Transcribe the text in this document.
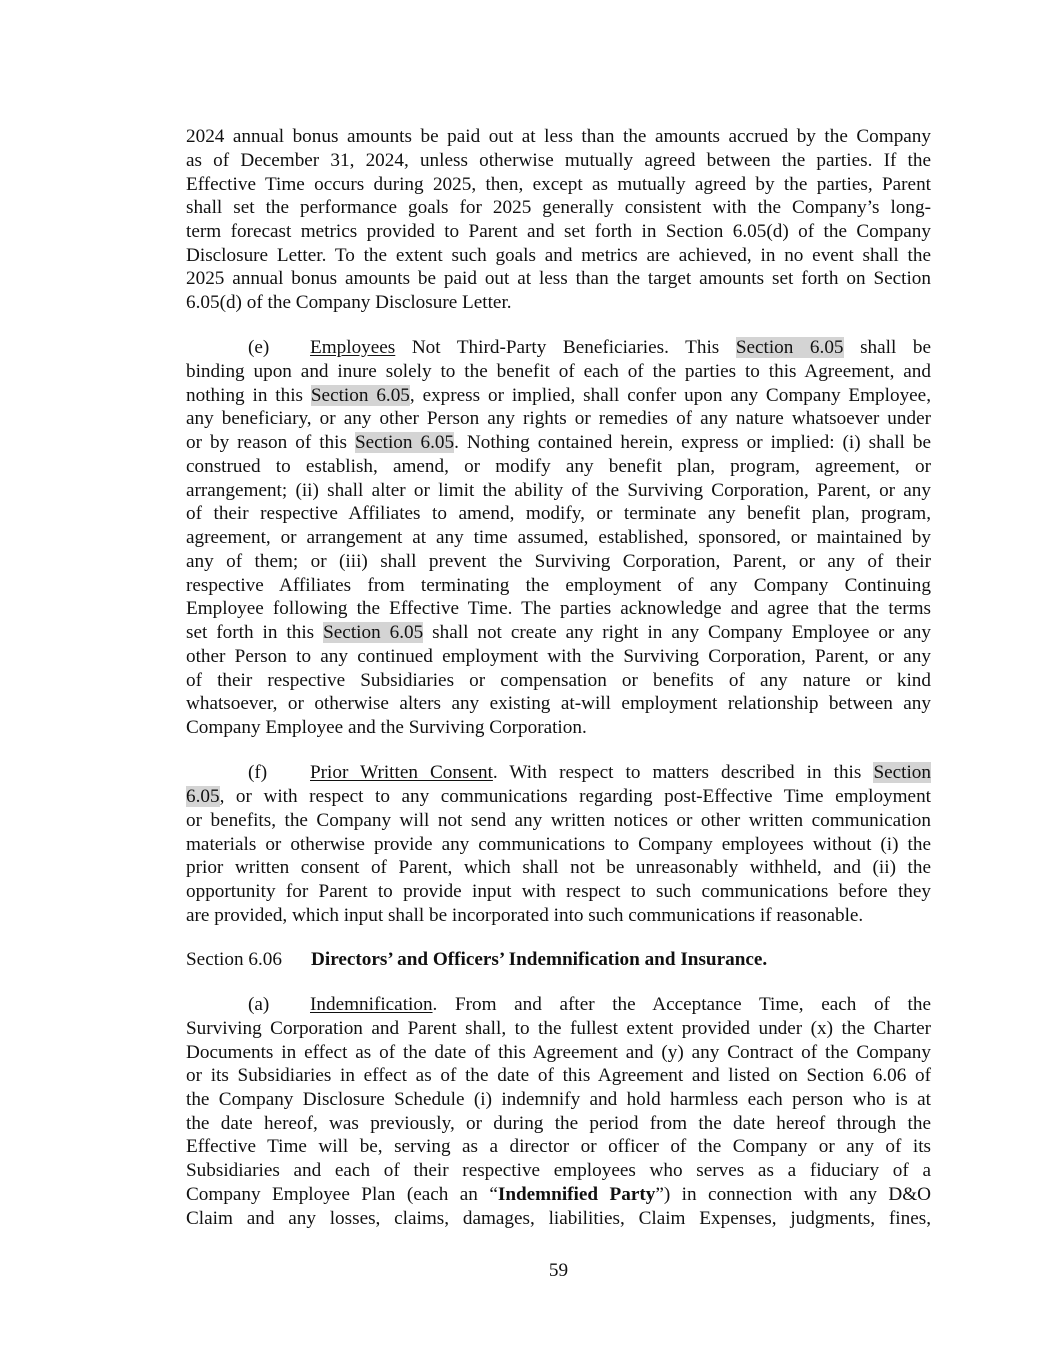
2024 annual bonus amounts be paid out at less than the amounts accrued by the Company
as of December 31, 2024, unless otherwise mutually agreed between the parties. If the
Effective Time occurs during 2025, then, except as mutually agreed by the parties, Parent
shall set the performance goals for 2025 generally consistent with the Company’s long-
term forecast metrics provided to Parent and set forth in Section 6.05(d) of the Company
Disclosure Letter. To the extent such goals and metrics are achieved, in no event shall the
2025 annual bonus amounts be paid out at less than the target amounts set forth on Section
6.05(d) of the Company Disclosure Letter.
(e) Employees Not Third-Party Beneficiaries. This Section 6.05 shall be
binding upon and inure solely to the benefit of each of the parties to this Agreement, and
nothing in this Section 6.05, express or implied, shall confer upon any Company Employee,
any beneficiary, or any other Person any rights or remedies of any nature whatsoever under
or by reason of this Section 6.05. Nothing contained herein, express or implied: (i) shall be
construed to establish, amend, or modify any benefit plan, program, agreement, or
arrangement; (ii) shall alter or limit the ability of the Surviving Corporation, Parent, or any
of their respective Affiliates to amend, modify, or terminate any benefit plan, program,
agreement, or arrangement at any time assumed, established, sponsored, or maintained by
any of them; or (iii) shall prevent the Surviving Corporation, Parent, or any of their
respective Affiliates from terminating the employment of any Company Continuing
Employee following the Effective Time. The parties acknowledge and agree that the terms
set forth in this Section 6.05 shall not create any right in any Company Employee or any
other Person to any continued employment with the Surviving Corporation, Parent, or any
of their respective Subsidiaries or compensation or benefits of any nature or kind
whatsoever, or otherwise alters any existing at-will employment relationship between any
Company Employee and the Surviving Corporation.
(f) Prior Written Consent. With respect to matters described in this Section
6.05, or with respect to any communications regarding post-Effective Time employment
or benefits, the Company will not send any written notices or other written communication
materials or otherwise provide any communications to Company employees without (i) the
prior written consent of Parent, which shall not be unreasonably withheld, and (ii) the
opportunity for Parent to provide input with respect to such communications before they
are provided, which input shall be incorporated into such communications if reasonable.
Section 6.06 Directors’ and Officers’ Indemnification and Insurance.
(a) Indemnification. From and after the Acceptance Time, each of the
Surviving Corporation and Parent shall, to the fullest extent provided under (x) the Charter
Documents in effect as of the date of this Agreement and (y) any Contract of the Company
or its Subsidiaries in effect as of the date of this Agreement and listed on Section 6.06 of
the Company Disclosure Schedule (i) indemnify and hold harmless each person who is at
the date hereof, was previously, or during the period from the date hereof through the
Effective Time will be, serving as a director or officer of the Company or any of its
Subsidiaries and each of their respective employees who serves as a fiduciary of a
Company Employee Plan (each an “Indemnified Party”) in connection with any D&O
Claim and any losses, claims, damages, liabilities, Claim Expenses, judgments, fines,
59
